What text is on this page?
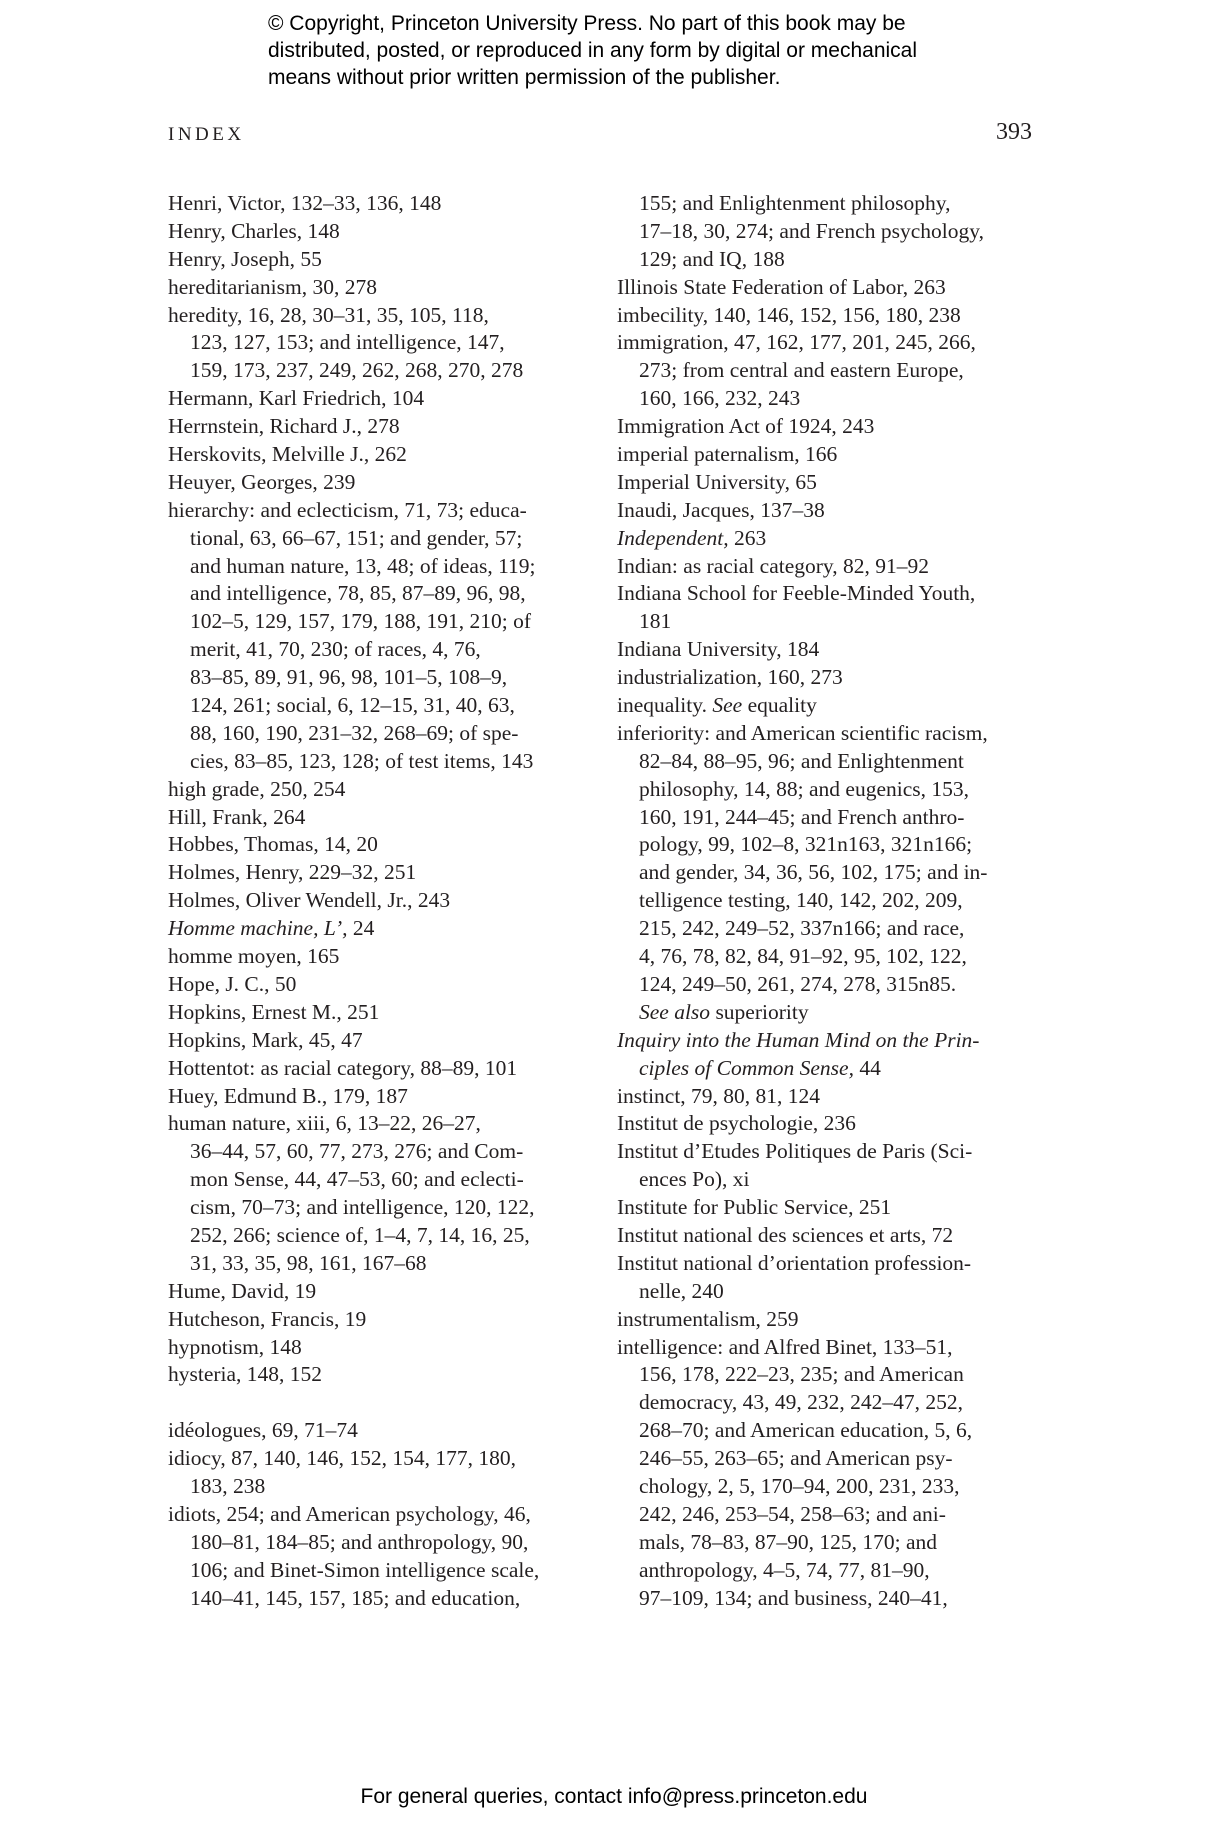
© Copyright, Princeton University Press. No part of this book may be
distributed, posted, or reproduced in any form by digital or mechanical
means without prior written permission of the publisher.
INDEX	393
Henri, Victor, 132–33, 136, 148
Henry, Charles, 148
Henry, Joseph, 55
hereditarianism, 30, 278
heredity, 16, 28, 30–31, 35, 105, 118,
123, 127, 153; and intelligence, 147,
159, 173, 237, 249, 262, 268, 270, 278
Hermann, Karl Friedrich, 104
Herrnstein, Richard J., 278
Herskovits, Melville J., 262
Heuyer, Georges, 239
hierarchy: and eclecticism, 71, 73; educa-
tional, 63, 66–67, 151; and gender, 57;
and human nature, 13, 48; of ideas, 119;
and intelligence, 78, 85, 87–89, 96, 98,
102–5, 129, 157, 179, 188, 191, 210; of
merit, 41, 70, 230; of races, 4, 76,
83–85, 89, 91, 96, 98, 101–5, 108–9,
124, 261; social, 6, 12–15, 31, 40, 63,
88, 160, 190, 231–32, 268–69; of spe-
cies, 83–85, 123, 128; of test items, 143
high grade, 250, 254
Hill, Frank, 264
Hobbes, Thomas, 14, 20
Holmes, Henry, 229–32, 251
Holmes, Oliver Wendell, Jr., 243
Homme machine, L’, 24
homme moyen, 165
Hope, J. C., 50
Hopkins, Ernest M., 251
Hopkins, Mark, 45, 47
Hottentot: as racial category, 88–89, 101
Huey, Edmund B., 179, 187
human nature, xiii, 6, 13–22, 26–27,
36–44, 57, 60, 77, 273, 276; and Com-
mon Sense, 44, 47–53, 60; and eclecti-
cism, 70–73; and intelligence, 120, 122,
252, 266; science of, 1–4, 7, 14, 16, 25,
31, 33, 35, 98, 161, 167–68
Hume, David, 19
Hutcheson, Francis, 19
hypnotism, 148
hysteria, 148, 152
idéologues, 69, 71–74
idiocy, 87, 140, 146, 152, 154, 177, 180,
183, 238
idiots, 254; and American psychology, 46,
180–81, 184–85; and anthropology, 90,
106; and Binet-Simon intelligence scale,
140–41, 145, 157, 185; and education,
155; and Enlightenment philosophy,
17–18, 30, 274; and French psychology,
129; and IQ, 188
Illinois State Federation of Labor, 263
imbecility, 140, 146, 152, 156, 180, 238
immigration, 47, 162, 177, 201, 245, 266,
273; from central and eastern Europe,
160, 166, 232, 243
Immigration Act of 1924, 243
imperial paternalism, 166
Imperial University, 65
Inaudi, Jacques, 137–38
Independent, 263
Indian: as racial category, 82, 91–92
Indiana School for Feeble-Minded Youth,
181
Indiana University, 184
industrialization, 160, 273
inequality. See equality
inferiority: and American scientific racism,
82–84, 88–95, 96; and Enlightenment
philosophy, 14, 88; and eugenics, 153,
160, 191, 244–45; and French anthro-
pology, 99, 102–8, 321n163, 321n166;
and gender, 34, 36, 56, 102, 175; and in-
telligence testing, 140, 142, 202, 209,
215, 242, 249–52, 337n166; and race,
4, 76, 78, 82, 84, 91–92, 95, 102, 122,
124, 249–50, 261, 274, 278, 315n85.
See also superiority
Inquiry into the Human Mind on the Prin-
ciples of Common Sense, 44
instinct, 79, 80, 81, 124
Institut de psychologie, 236
Institut d’Etudes Politiques de Paris (Sci-
ences Po), xi
Institute for Public Service, 251
Institut national des sciences et arts, 72
Institut national d’orientation profession-
nelle, 240
instrumentalism, 259
intelligence: and Alfred Binet, 133–51,
156, 178, 222–23, 235; and American
democracy, 43, 49, 232, 242–47, 252,
268–70; and American education, 5, 6,
246–55, 263–65; and American psy-
chology, 2, 5, 170–94, 200, 231, 233,
242, 246, 253–54, 258–63; and ani-
mals, 78–83, 87–90, 125, 170; and
anthropology, 4–5, 74, 77, 81–90,
97–109, 134; and business, 240–41,
For general queries, contact info@press.princeton.edu
